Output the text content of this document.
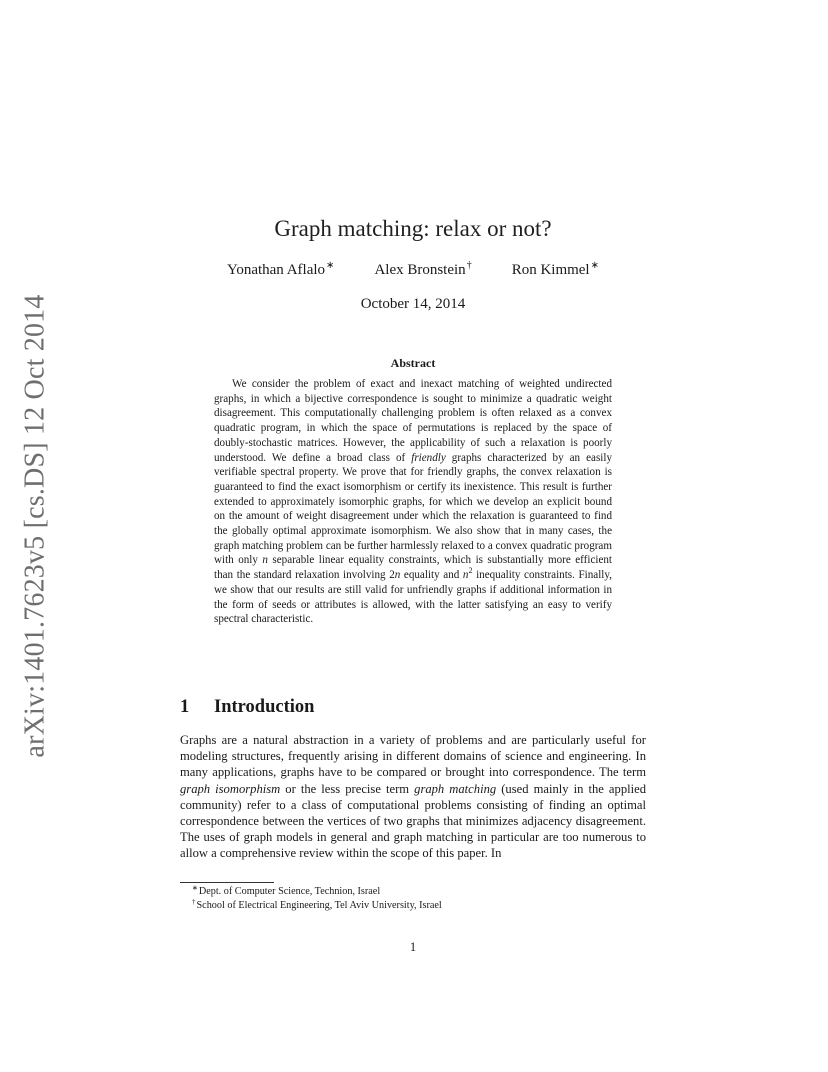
arXiv:1401.7623v5 [cs.DS] 12 Oct 2014
Graph matching: relax or not?
Yonathan Aflalo∗	Alex Bronstein†	Ron Kimmel∗
October 14, 2014
Abstract

We consider the problem of exact and inexact matching of weighted undirected graphs, in which a bijective correspondence is sought to minimize a quadratic weight disagreement. This computationally challenging problem is often relaxed as a convex quadratic program, in which the space of permutations is replaced by the space of doubly-stochastic matrices. However, the applicability of such a relaxation is poorly understood. We define a broad class of friendly graphs characterized by an easily verifiable spectral property. We prove that for friendly graphs, the convex relaxation is guaranteed to find the exact isomorphism or certify its inexistence. This result is further extended to approximately isomorphic graphs, for which we develop an explicit bound on the amount of weight disagreement under which the relaxation is guaranteed to find the globally optimal approximate isomorphism. We also show that in many cases, the graph matching problem can be further harmlessly relaxed to a convex quadratic program with only n separable linear equality constraints, which is substantially more efficient than the standard relaxation involving 2n equality and $n^2$ inequality constraints. Finally, we show that our results are still valid for unfriendly graphs if additional information in the form of seeds or attributes is allowed, with the latter satisfying an easy to verify spectral characteristic.

1 Introduction

Graphs are a natural abstraction in a variety of problems and are particularly useful for modeling structures, frequently arising in different domains of science and engineering. In many applications, graphs have to be compared or brought into correspondence. The term graph isomorphism or the less precise term graph matching (used mainly in the applied community) refer to a class of computational problems consisting of finding an optimal correspondence between the vertices of two graphs that minimizes adjacency disagreement. The uses of graph models in general and graph matching in particular are too numerous to allow a comprehensive review within the scope of this paper. In

∗Dept. of Computer Science, Technion, Israel
†School of Electrical Engineering, Tel Aviv University, Israel
1
